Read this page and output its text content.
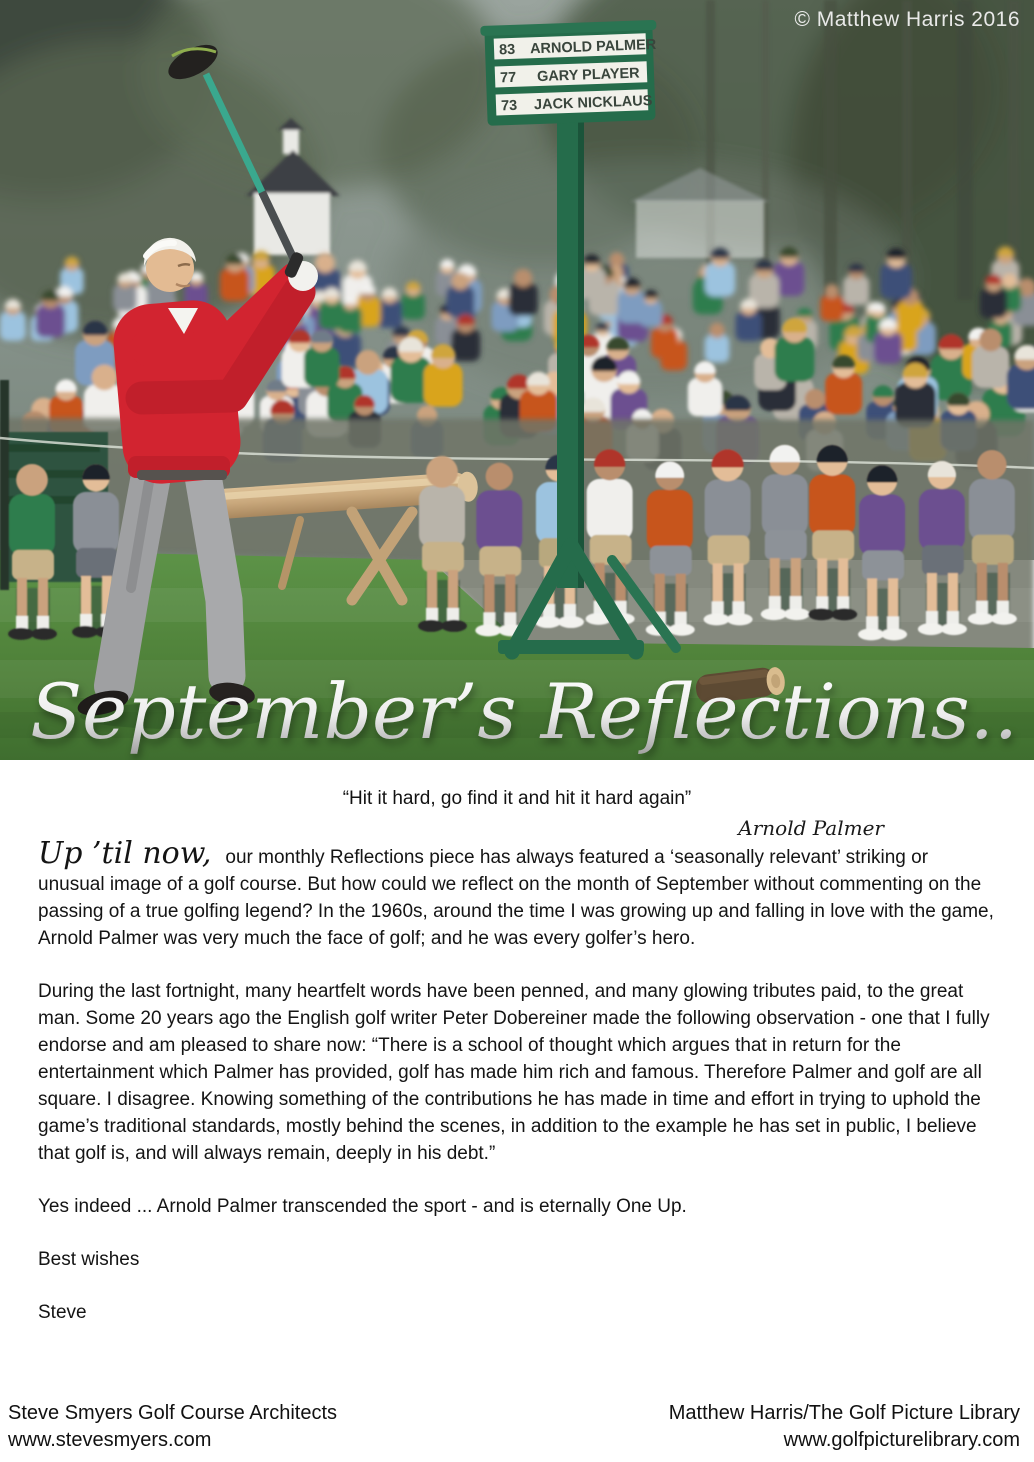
83 ARNOLD PALMER
77 GARY PLAYER
73 JACK NICKLAUS
© Matthew Harris 2016
September’s Reflections..
“Hit it hard, go find it and hit it hard again”
Arnold Palmer

Up ’til now, our monthly Reflections piece has always featured a ‘seasonally relevant’ striking or unusual image of a golf course. But how could we reflect on the month of September without commenting on the passing of a true golfing legend? In the 1960s, around the time I was growing up and falling in love with the game, Arnold Palmer was very much the face of golf; and he was every golfer’s hero.

During the last fortnight, many heartfelt words have been penned, and many glowing tributes paid, to the great man. Some 20 years ago the English golf writer Peter Dobereiner made the following observation - one that I fully endorse and am pleased to share now: “There is a school of thought which argues that in return for the entertainment which Palmer has provided, golf has made him rich and famous. Therefore Palmer and golf are all square. I disagree. Knowing something of the contributions he has made in time and effort in trying to uphold the game’s traditional standards, mostly behind the scenes, in addition to the example he has set in public, I believe that golf is, and will always remain, deeply in his debt.”

Yes indeed ... Arnold Palmer transcended the sport - and is eternally One Up.

Best wishes

Steve

Steve Smyers Golf Course Architects
www.stevesmyers.com
Matthew Harris/The Golf Picture Library
www.golfpicturelibrary.com
